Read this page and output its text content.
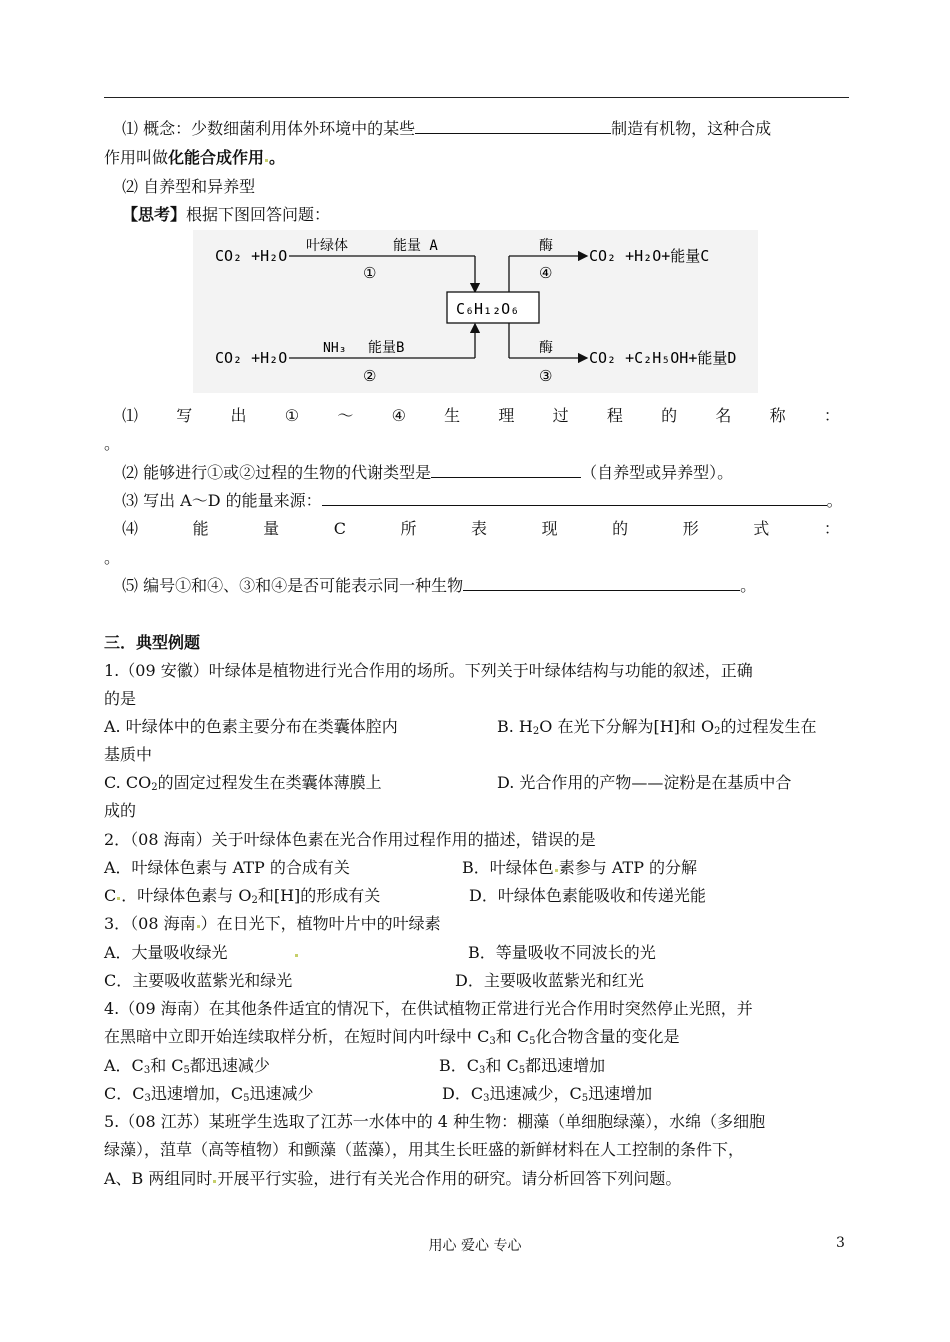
⑴ 概念：少数细菌利用体外环境中的某些	制造有机物，这种合成
作用叫做化能合成作用 。
⑵ 自养型和异养型
【思考】根据下图回答问题：
CO₂ +H₂O
叶绿体	能量 A
①
CO₂ +H₂O
NH₃ 能量B
②
C₆H₁₂O₆
酶
④
CO₂ +H₂O+能量C
酶
③
CO₂ +C₂H₅OH+能量D
⑴ 写 出 ① ～ ④ 生 理 过 程 的 名 称 ：
。
⑵ 能够进行①或②过程的生物的代谢类型是	（自养型或异养型）。
⑶ 写出 A～D 的能量来源：	。
⑷	能	量	C	所	表	现	的	形	式	：
。
⑸ 编号①和④、③和④是否可能表示同一种生物	。
三．典型例题
1.（09 安徽）叶绿体是植物进行光合作用的场所。下列关于叶绿体结构与功能的叙述，正确
的是
A. 叶绿体中的色素主要分布在类囊体腔内	B. $H_2O$ 在光下分解为[H]和 $O_2$的过程发生在
基质中
C. $CO_2$的固定过程发生在类囊体薄膜上	D. 光合作用的产物——淀粉是在基质中合
成的
2．（08 海南）关于叶绿体色素在光合作用过程作用的描述，错误的是
A．叶绿体色素与 ATP 的合成有关	B．叶绿体色 素参与 ATP 的分解
C ．叶绿体色素与 $O_2$和[H]的形成有关	D．叶绿体色素能吸收和传递光能
3．（08 海南 ）在日光下，植物叶片中的叶绿素
A．大量吸收绿光	B．等量吸收不同波长的光
C．主要吸收蓝紫光和绿光	D．主要吸收蓝紫光和红光
4.（09 海南）在其他条件适宜的情况下，在供试植物正常进行光合作用时突然停止光照，并
在黑暗中立即开始连续取样分析，在短时间内叶绿中 $C_3$和 $C_5$化合物含量的变化是
A．$C_3$和 $C_5$都迅速减少	B．$C_3$和 $C_5$都迅速增加
C．$C_3$迅速增加，$C_5$迅速减少	D．$C_3$迅速减少，$C_5$迅速增加
5.（08 江苏）某班学生选取了江苏一水体中的 4 种生物：棚藻（单细胞绿藻），水绵（多细胞
绿藻），菹草（高等植物）和颤藻（蓝藻），用其生长旺盛的新鲜材料在人工控制的条件下，
A、B 两组同时 开展平行实验，进行有关光合作用的研究。请分析回答下列问题。
用心 爱心 专心	3
